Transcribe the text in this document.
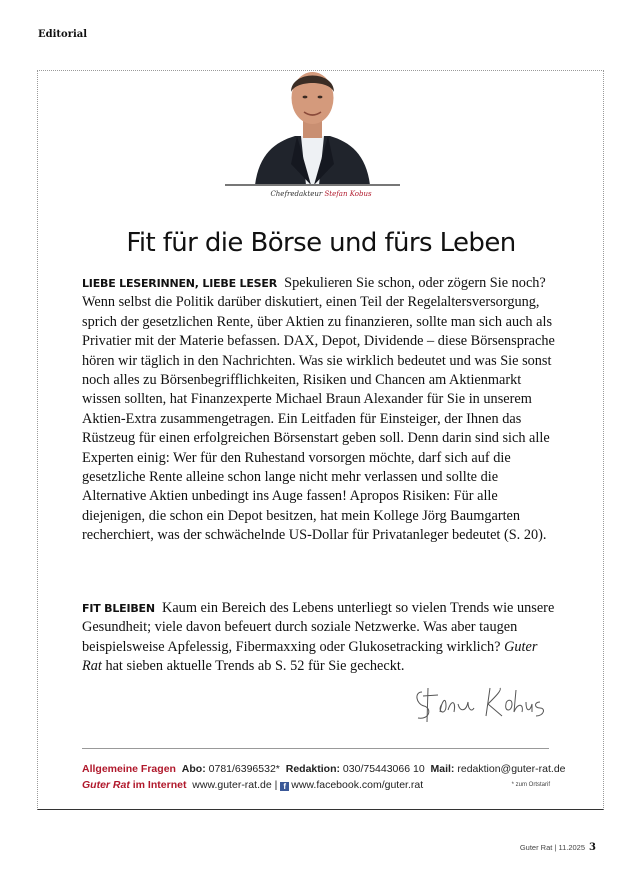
Editorial
Chefredakteur Stefan Kobus
Fit für die Börse und fürs Leben
LIEBE LESERINNEN, LIEBE LESER Spekulieren Sie schon, oder zögern Sie noch? Wenn selbst die Politik darüber diskutiert, einen Teil der Regelaltersversorgung, sprich der gesetzlichen Rente, über Aktien zu finanzieren, sollte man sich auch als Privatier mit der Materie befassen. DAX, Depot, Dividende – diese Börsensprache hören wir täglich in den Nachrichten. Was sie wirklich bedeutet und was Sie sonst noch alles zu Börsenbegrifflichkeiten, Risiken und Chancen am Aktienmarkt wissen sollten, hat Finanzexperte Michael Braun Alexander für Sie in unserem Aktien-Extra zusammengetragen. Ein Leitfaden für Einsteiger, der Ihnen das Rüstzeug für einen erfolgreichen Börsenstart geben soll. Denn darin sind sich alle Experten einig: Wer für den Ruhestand vorsorgen möchte, darf sich auf die gesetzliche Rente alleine schon lange nicht mehr verlassen und sollte die Alternative Aktien unbedingt ins Auge fassen! Apropos Risiken: Für alle diejenigen, die schon ein Depot besitzen, hat mein Kollege Jörg Baumgarten recherchiert, was der schwächelnde US-Dollar für Privatanleger bedeutet (S. 20).
FIT BLEIBEN Kaum ein Bereich des Lebens unterliegt so vielen Trends wie unsere Gesundheit; viele davon befeuert durch soziale Netzwerke. Was aber taugen beispielsweise Apfelessig, Fibermaxxing oder Glukosetracking wirklich? Guter Rat hat sieben aktuelle Trends ab S. 52 für Sie gecheckt.
Allgemeine Fragen Abo: 0781/6396532* Redaktion: 030/75443066 10 Mail: redaktion@guter-rat.de
Guter Rat im Internet www.guter-rat.de | f www.facebook.com/guter.rat	* zum Ortstarif
Guter Rat | 11.2025 3
